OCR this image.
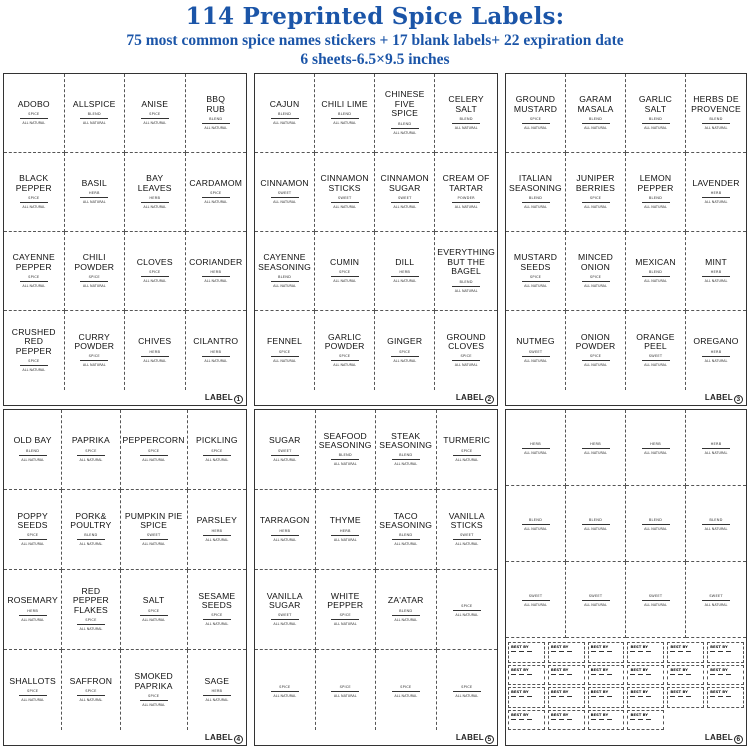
114 Preprinted Spice Labels:
75 most common spice names stickers + 17 blank labels+ 22 expiration date
6 sheets-6.5×9.5 inches
ADOBO
SPICE
ALL NATURAL
ALLSPICE
BLEND
ALL NATURAL
ANISE
SPICE
ALL NATURAL
BBQ
RUB
BLEND
ALL NATURAL
BLACK
PEPPER
SPICE
ALL NATURAL
BASIL
HERB
ALL NATURAL
BAY
LEAVES
HERB
ALL NATURAL
CARDAMOM
SPICE
ALL NATURAL
CAYENNE
PEPPER
SPICE
ALL NATURAL
CHILI
POWDER
SPICE
ALL NATURAL
CLOVES
SPICE
ALL NATURAL
CORIANDER
HERB
ALL NATURAL
CRUSHED
RED PEPPER
SPICE
ALL NATURAL
CURRY
POWDER
SPICE
ALL NATURAL
CHIVES
HERB
ALL NATURAL
CILANTRO
HERB
ALL NATURAL
LABEL 1
CAJUN
BLEND
ALL NATURAL
CHILI LIME
BLEND
ALL NATURAL
CHINESE
FIVE
SPICE
BLEND
ALL NATURAL
CELERY
SALT
BLEND
ALL NATURAL
CINNAMON
SWEET
ALL NATURAL
CINNAMON
STICKS
SWEET
ALL NATURAL
CINNAMON
SUGAR
SWEET
ALL NATURAL
CREAM OF
TARTAR
POWDER
ALL NATURAL
CAYENNE
SEASONING
BLEND
ALL NATURAL
CUMIN
SPICE
ALL NATURAL
DILL
HERB
ALL NATURAL
EVERYTHING
BUT THE
BAGEL
BLEND
ALL NATURAL
FENNEL
SPICE
ALL NATURAL
GARLIC
POWDER
SPICE
ALL NATURAL
GINGER
SPICE
ALL NATURAL
GROUND
CLOVES
SPICE
ALL NATURAL
LABEL 2
GROUND
MUSTARD
SPICE
ALL NATURAL
GARAM
MASALA
BLEND
ALL NATURAL
GARLIC
SALT
BLEND
ALL NATURAL
HERBS DE
PROVENCE
BLEND
ALL NATURAL
ITALIAN
SEASONING
BLEND
ALL NATURAL
JUNIPER
BERRIES
SPICE
ALL NATURAL
LEMON
PEPPER
BLEND
ALL NATURAL
LAVENDER
HERB
ALL NATURAL
MUSTARD
SEEDS
SPICE
ALL NATURAL
MINCED
ONION
SPICE
ALL NATURAL
MEXICAN
BLEND
ALL NATURAL
MINT
HERB
ALL NATURAL
NUTMEG
SWEET
ALL NATURAL
ONION
POWDER
SPICE
ALL NATURAL
ORANGE
PEEL
SWEET
ALL NATURAL
OREGANO
HERB
ALL NATURAL
LABEL 3
OLD BAY
BLEND
ALL NATURAL
PAPRIKA
SPICE
ALL NATURAL
PEPPERCORN
SPICE
ALL NATURAL
PICKLING
SPICE
ALL NATURAL
POPPY
SEEDS
SPICE
ALL NATURAL
PORK&
POULTRY
BLEND
ALL NATURAL
PUMPKIN PIE
SPICE
SWEET
ALL NATURAL
PARSLEY
HERB
ALL NATURAL
ROSEMARY
HERB
ALL NATURAL
RED PEPPER
FLAKES
SPICE
ALL NATURAL
SALT
SPICE
ALL NATURAL
SESAME
SEEDS
SPICE
ALL NATURAL
SHALLOTS
SPICE
ALL NATURAL
SAFFRON
SPICE
ALL NATURAL
SMOKED
PAPRIKA
SPICE
ALL NATURAL
SAGE
HERB
ALL NATURAL
LABEL 4
SUGAR
SWEET
ALL NATURAL
SEAFOOD
SEASONING
BLEND
ALL NATURAL
STEAK
SEASONING
BLEND
ALL NATURAL
TURMERIC
SPICE
ALL NATURAL
TARRAGON
HERB
ALL NATURAL
THYME
HERB
ALL NATURAL
TACO
SEASONING
BLEND
ALL NATURAL
VANILLA
STICKS
SWEET
ALL NATURAL
VANILLA
SUGAR
SWEET
ALL NATURAL
WHITE
PEPPER
SPICE
ALL NATURAL
ZA'ATAR
BLEND
ALL NATURAL
SPICE
ALL NATURAL
SPICE
ALL NATURAL
SPICE
ALL NATURAL
SPICE
ALL NATURAL
SPICE
ALL NATURAL
LABEL 5
HERB
ALL NATURAL
HERB
ALL NATURAL
HERB
ALL NATURAL
HERB
ALL NATURAL
BLEND
ALL NATURAL
BLEND
ALL NATURAL
BLEND
ALL NATURAL
BLEND
ALL NATURAL
SWEET
ALL NATURAL
SWEET
ALL NATURAL
SWEET
ALL NATURAL
SWEET
ALL NATURAL
BEST BY	BEST BY	BEST BY	BEST BY	BEST BY	BEST BY
BEST BY	BEST BY	BEST BY	BEST BY	BEST BY	BEST BY
BEST BY	BEST BY	BEST BY	BEST BY	BEST BY	BEST BY
BEST BY	BEST BY	BEST BY	BEST BY
LABEL 6
